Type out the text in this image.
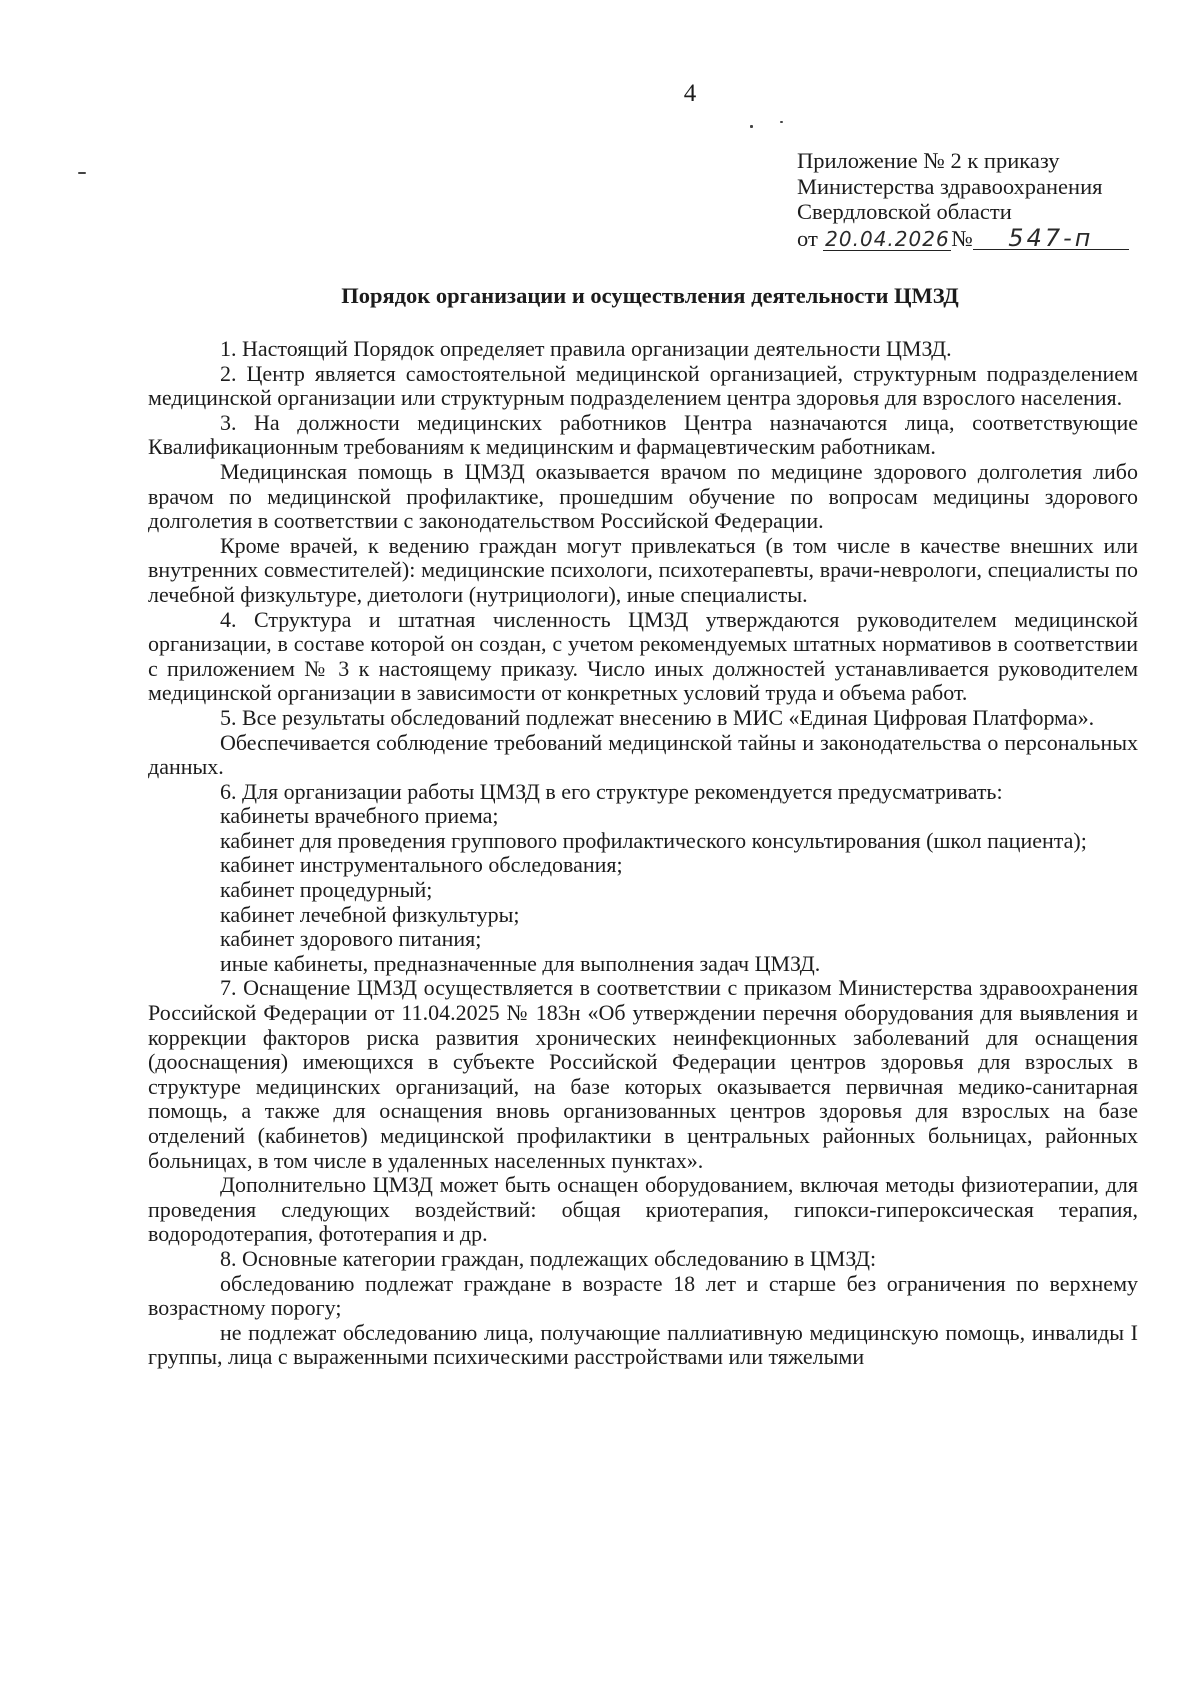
4
Приложение № 2 к приказу
Министерства здравоохранения
Свердловской области
от 20.04.2026№ 547-п
Порядок организации и осуществления деятельности ЦМЗД

1. Настоящий Порядок определяет правила организации деятельности ЦМЗД.

2. Центр является самостоятельной медицинской организацией, структурным подразделением медицинской организации или структурным подразделением центра здоровья для взрослого населения.

3. На должности медицинских работников Центра назначаются лица, соответствующие Квалификационным требованиям к медицинским и фармацевтическим работникам.

Медицинская помощь в ЦМЗД оказывается врачом по медицине здорового долголетия либо врачом по медицинской профилактике, прошедшим обучение по вопросам медицины здорового долголетия в соответствии с законодательством Российской Федерации.

Кроме врачей, к ведению граждан могут привлекаться (в том числе в качестве внешних или внутренних совместителей): медицинские психологи, психотерапевты, врачи-неврологи, специалисты по лечебной физкультуре, диетологи (нутрициологи), иные специалисты.

4. Структура и штатная численность ЦМЗД утверждаются руководителем медицинской организации, в составе которой он создан, с учетом рекомендуемых штатных нормативов в соответствии с приложением № 3 к настоящему приказу. Число иных должностей устанавливается руководителем медицинской организации в зависимости от конкретных условий труда и объема работ.

5. Все результаты обследований подлежат внесению в МИС «Единая Цифровая Платформа».

Обеспечивается соблюдение требований медицинской тайны и законодательства о персональных данных.

6. Для организации работы ЦМЗД в его структуре рекомендуется предусматривать:

кабинеты врачебного приема;

кабинет для проведения группового профилактического консультирования (школ пациента);

кабинет инструментального обследования;

кабинет процедурный;

кабинет лечебной физкультуры;

кабинет здорового питания;

иные кабинеты, предназначенные для выполнения задач ЦМЗД.

7. Оснащение ЦМЗД осуществляется в соответствии с приказом Министерства здравоохранения Российской Федерации от 11.04.2025 № 183н «Об утверждении перечня оборудования для выявления и коррекции факторов риска развития хронических неинфекционных заболеваний для оснащения (дооснащения) имеющихся в субъекте Российской Федерации центров здоровья для взрослых в структуре медицинских организаций, на базе которых оказывается первичная медико-санитарная помощь, а также для оснащения вновь организованных центров здоровья для взрослых на базе отделений (кабинетов) медицинской профилактики в центральных районных больницах, районных больницах, в том числе в удаленных населенных пунктах».

Дополнительно ЦМЗД может быть оснащен оборудованием, включая методы физиотерапии, для проведения следующих воздействий: общая криотерапия, гипокси-гипероксическая терапия, водородотерапия, фототерапия и др.

8. Основные категории граждан, подлежащих обследованию в ЦМЗД:

обследованию подлежат граждане в возрасте 18 лет и старше без ограничения по верхнему возрастному порогу;

не подлежат обследованию лица, получающие паллиативную медицинскую помощь, инвалиды I группы, лица с выраженными психическими расстройствами или тяжелыми
